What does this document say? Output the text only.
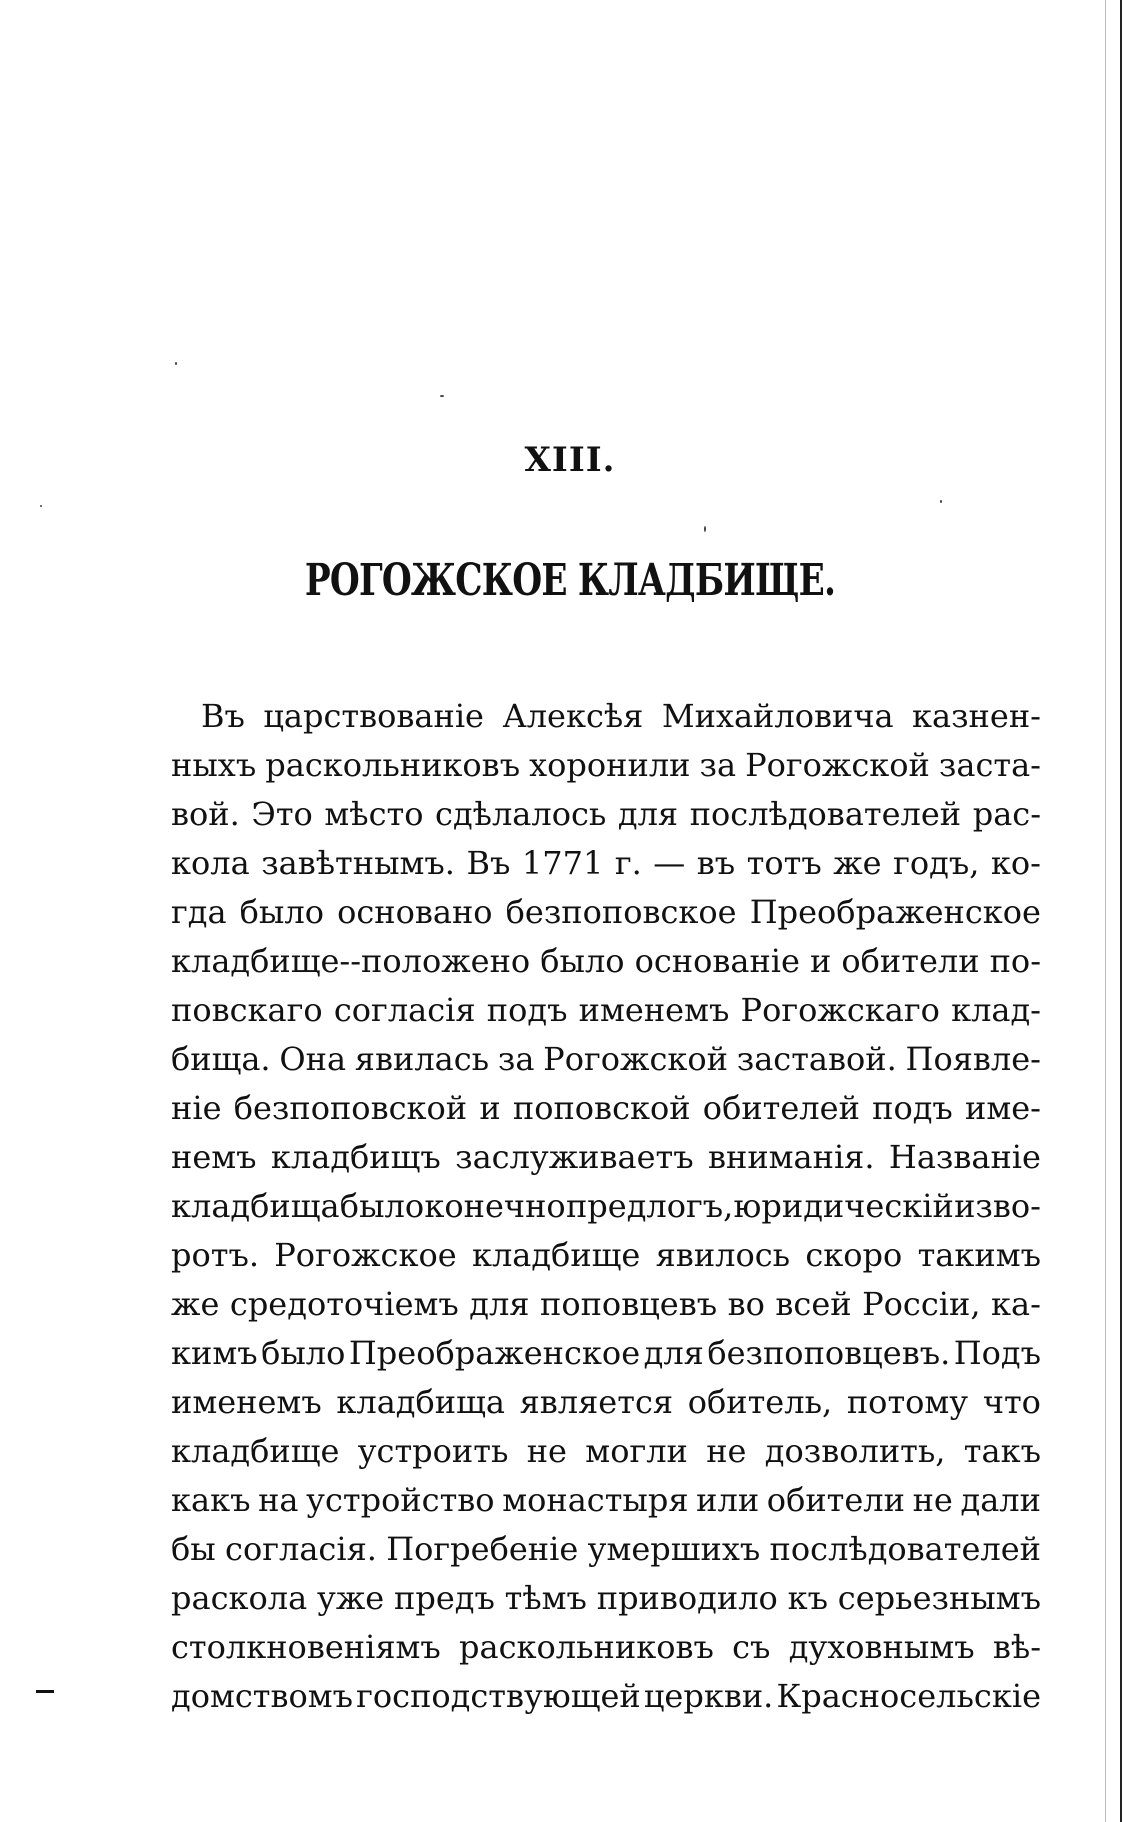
XIII.
РОГОЖСКОЕ КЛАДБИЩЕ.
Въ царствованіе Алексѣя Михайловича казнен-
ныхъ раскольниковъ хоронили за Рогожской заста-
вой. Это мѣсто сдѣлалось для послѣдователей рас-
кола завѣтнымъ. Въ 1771 г. — въ тотъ же годъ, ко-
гда было основано безпоповское Преображенское
кладбище--положено было основаніе и обители по-
повскаго согласія подъ именемъ Рогожскаго клад-
бища. Она явилась за Рогожской заставой. Появле-
ніе безпоповской и поповской обителей подъ име-
немъ кладбищъ заслуживаетъ вниманія. Названіе
кладбища было конечно предлогъ, юридическій изво-
ротъ. Рогожское кладбище явилось скоро такимъ
же средоточіемъ для поповцевъ во всей Россіи, ка-
кимъ было Преображенское для безпоповцевъ. Подъ
именемъ кладбища является обитель, потому что
кладбище устроить не могли не дозволить, такъ
какъ на устройство монастыря или обители не дали
бы согласія. Погребеніе умершихъ послѣдователей
раскола уже предъ тѣмъ приводило къ серьезнымъ
столкновеніямъ раскольниковъ съ духовнымъ вѣ-
домствомъ господствующей церкви. Красносельскіе
